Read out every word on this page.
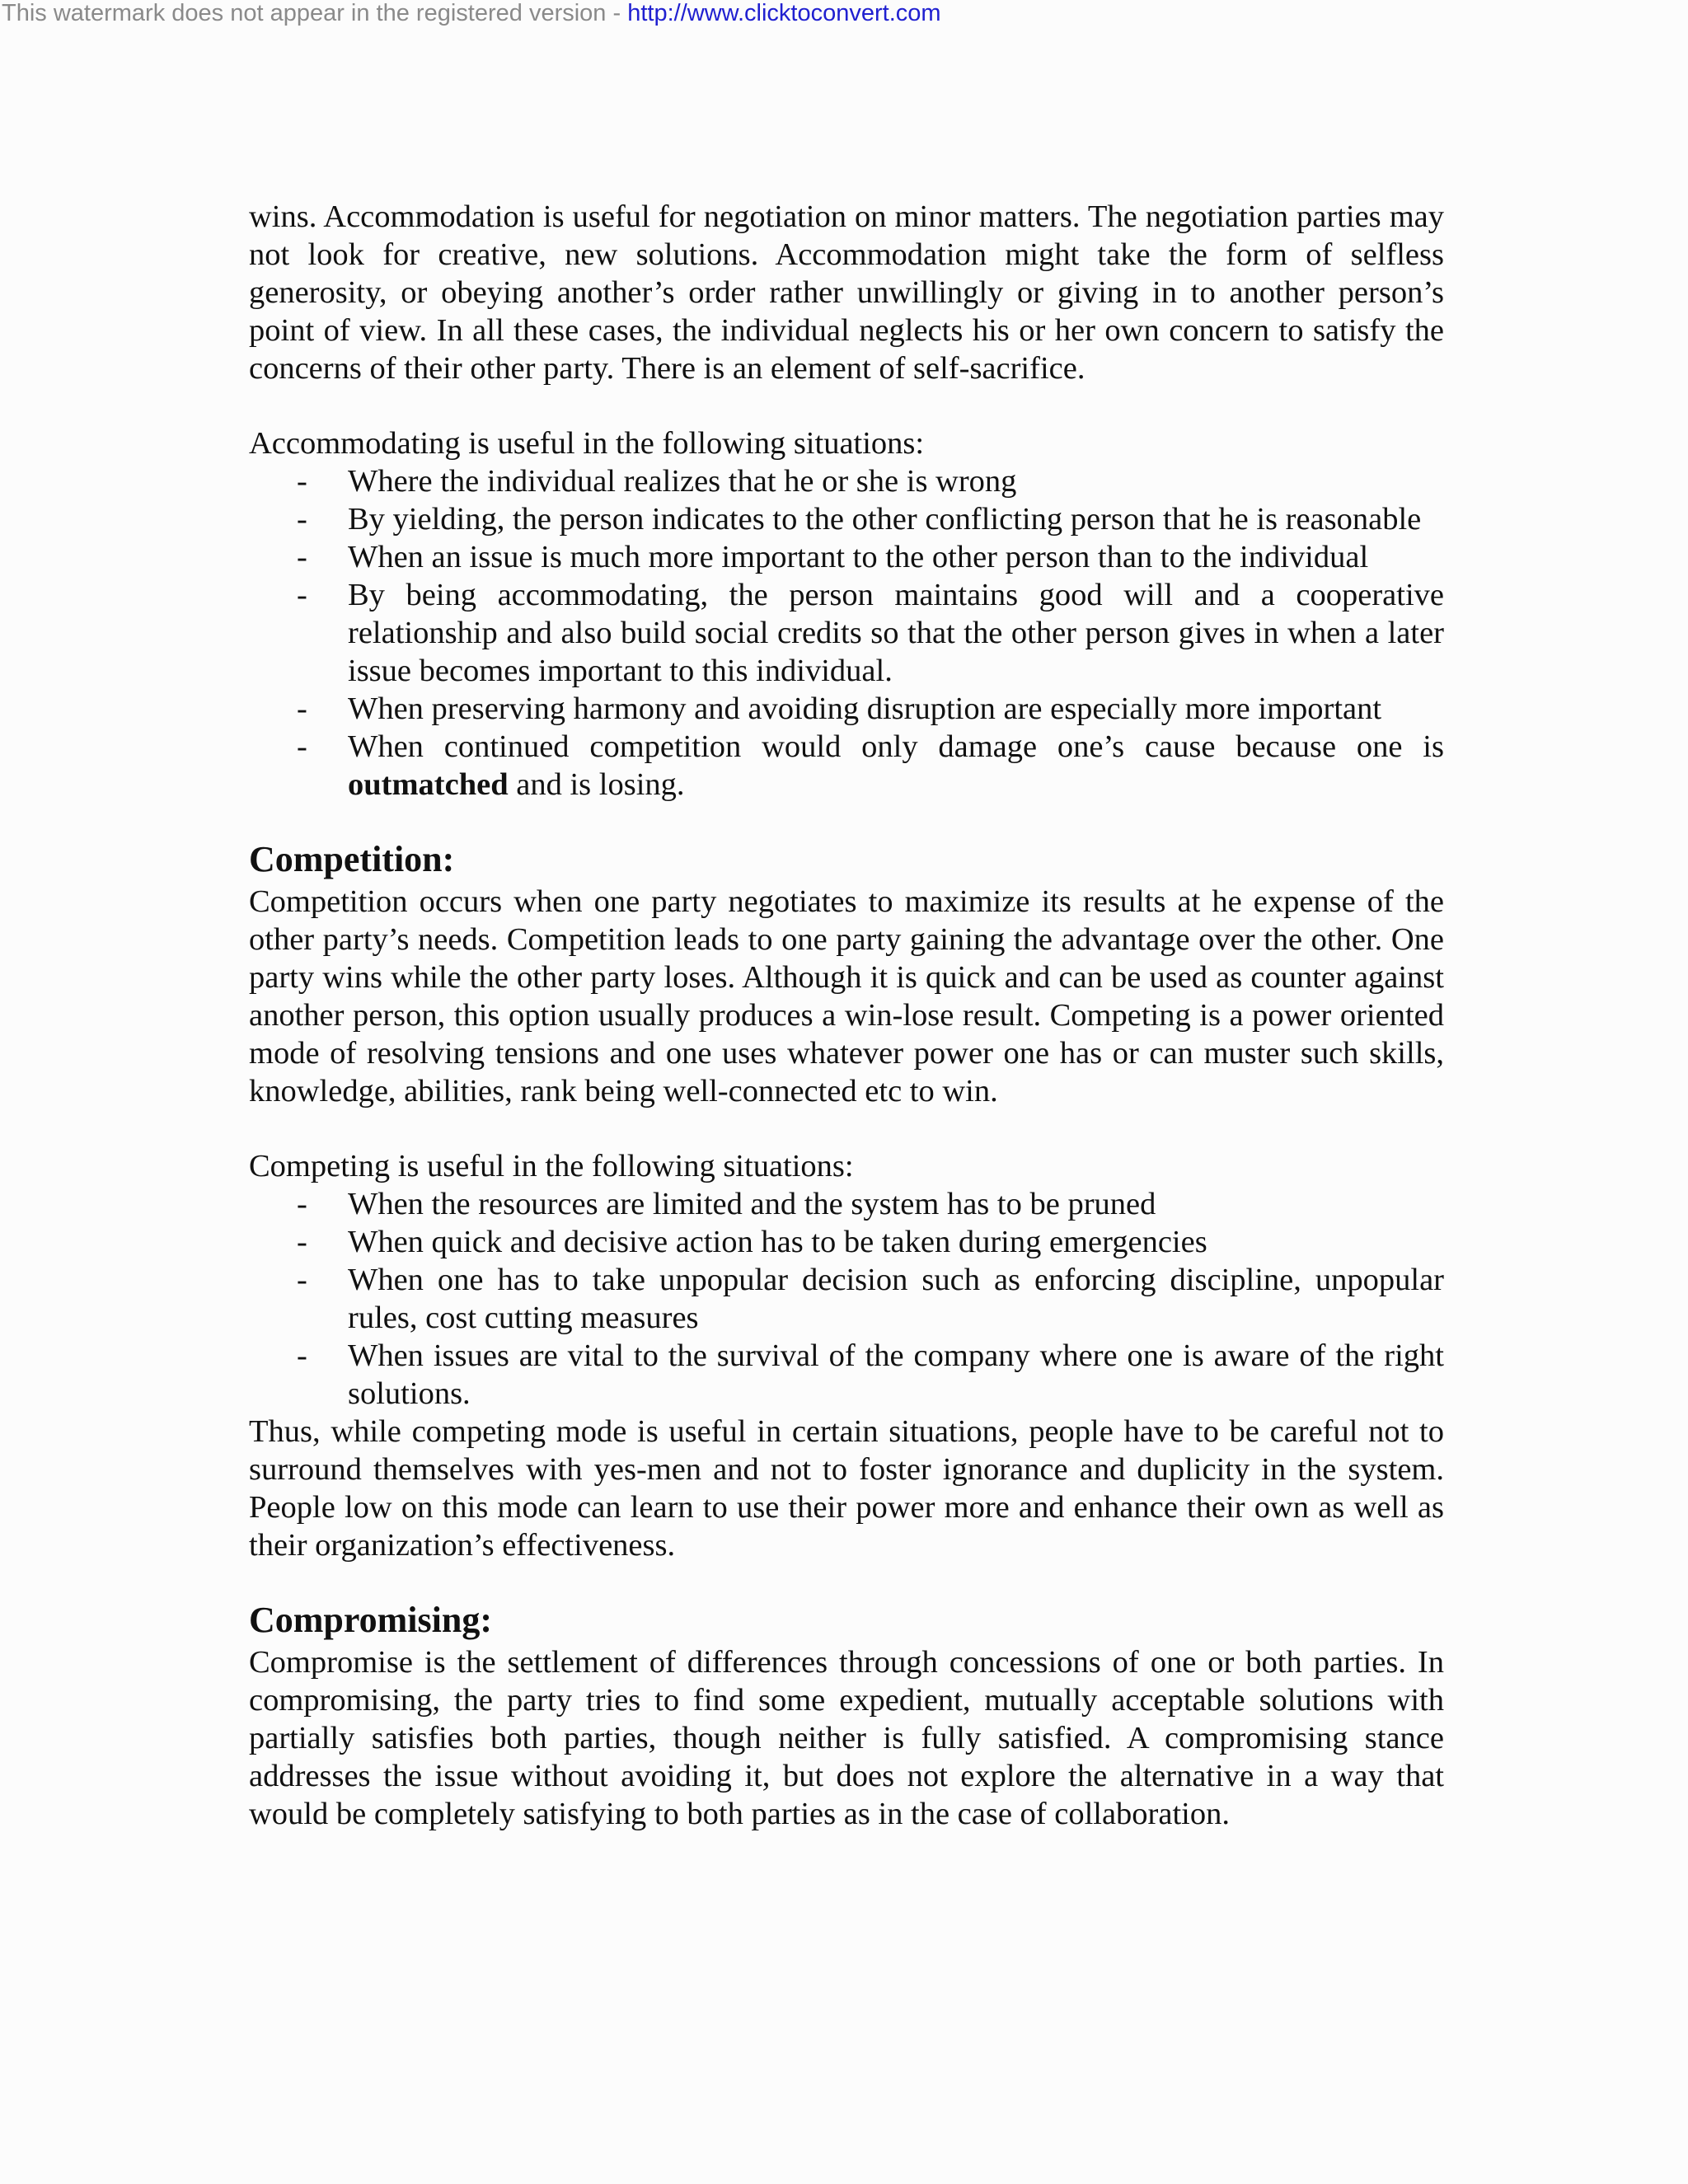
This watermark does not appear in the registered version - http://www.clicktoconvert.com

wins. Accommodation is useful for negotiation on minor matters. The negotiation parties may not look for creative, new solutions. Accommodation might take the form of selfless generosity, or obeying another’s order rather unwillingly or giving in to another person’s point of view. In all these cases, the individual neglects his or her own concern to satisfy the concerns of their other party. There is an element of self-sacrifice.

Accommodating is useful in the following situations:

- Where the individual realizes that he or she is wrong
- By yielding, the person indicates to the other conflicting person that he is reasonable
- When an issue is much more important to the other person than to the individual
- By being accommodating, the person maintains good will and a cooperative relationship and also build social credits so that the other person gives in when a later issue becomes important to this individual.
- When preserving harmony and avoiding disruption are especially more important
- When continued competition would only damage one’s cause because one is outmatched and is losing.
Competition:

Competition occurs when one party negotiates to maximize its results at he expense of the other party’s needs. Competition leads to one party gaining the advantage over the other. One party wins while the other party loses. Although it is quick and can be used as counter against another person, this option usually produces a win-lose result. Competing is a power oriented mode of resolving tensions and one uses whatever power one has or can muster such skills, knowledge, abilities, rank being well-connected etc to win.

Competing is useful in the following situations:

- When the resources are limited and the system has to be pruned
- When quick and decisive action has to be taken during emergencies
- When one has to take unpopular decision such as enforcing discipline, unpopular rules, cost cutting measures
- When issues are vital to the survival of the company where one is aware of the right solutions.

Thus, while competing mode is useful in certain situations, people have to be careful not to surround themselves with yes-men and not to foster ignorance and duplicity in the system. People low on this mode can learn to use their power more and enhance their own as well as their organization’s effectiveness.

Compromising:

Compromise is the settlement of differences through concessions of one or both parties. In compromising, the party tries to find some expedient, mutually acceptable solutions with partially satisfies both parties, though neither is fully satisfied. A compromising stance addresses the issue without avoiding it, but does not explore the alternative in a way that would be completely satisfying to both parties as in the case of collaboration.
